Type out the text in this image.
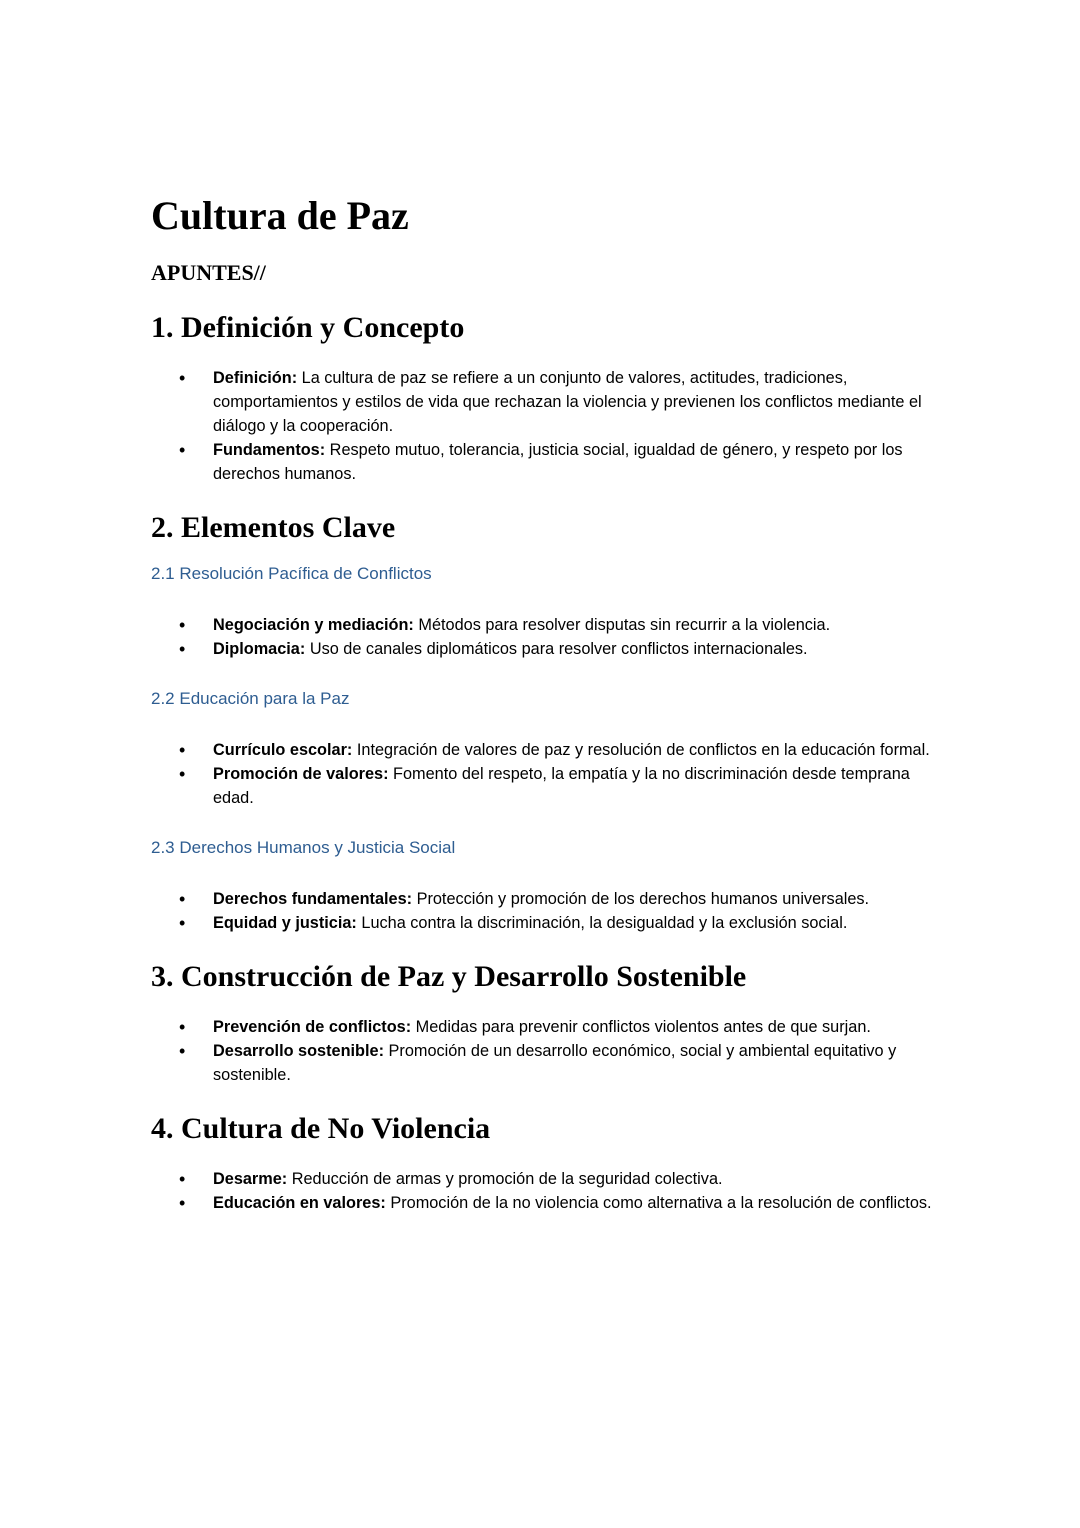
Cultura de Paz
APUNTES//
1. Definición y Concepto
• Definición: La cultura de paz se refiere a un conjunto de valores, actitudes, tradiciones, comportamientos y estilos de vida que rechazan la violencia y previenen los conflictos mediante el diálogo y la cooperación.
• Fundamentos: Respeto mutuo, tolerancia, justicia social, igualdad de género, y respeto por los derechos humanos.
2. Elementos Clave
2.1 Resolución Pacífica de Conflictos
• Negociación y mediación: Métodos para resolver disputas sin recurrir a la violencia.
• Diplomacia: Uso de canales diplomáticos para resolver conflictos internacionales.
2.2 Educación para la Paz
• Currículo escolar: Integración de valores de paz y resolución de conflictos en la educación formal.
• Promoción de valores: Fomento del respeto, la empatía y la no discriminación desde temprana edad.
2.3 Derechos Humanos y Justicia Social
• Derechos fundamentales: Protección y promoción de los derechos humanos universales.
• Equidad y justicia: Lucha contra la discriminación, la desigualdad y la exclusión social.
3. Construcción de Paz y Desarrollo Sostenible
• Prevención de conflictos: Medidas para prevenir conflictos violentos antes de que surjan.
• Desarrollo sostenible: Promoción de un desarrollo económico, social y ambiental equitativo y sostenible.
4. Cultura de No Violencia
• Desarme: Reducción de armas y promoción de la seguridad colectiva.
• Educación en valores: Promoción de la no violencia como alternativa a la resolución de conflictos.
